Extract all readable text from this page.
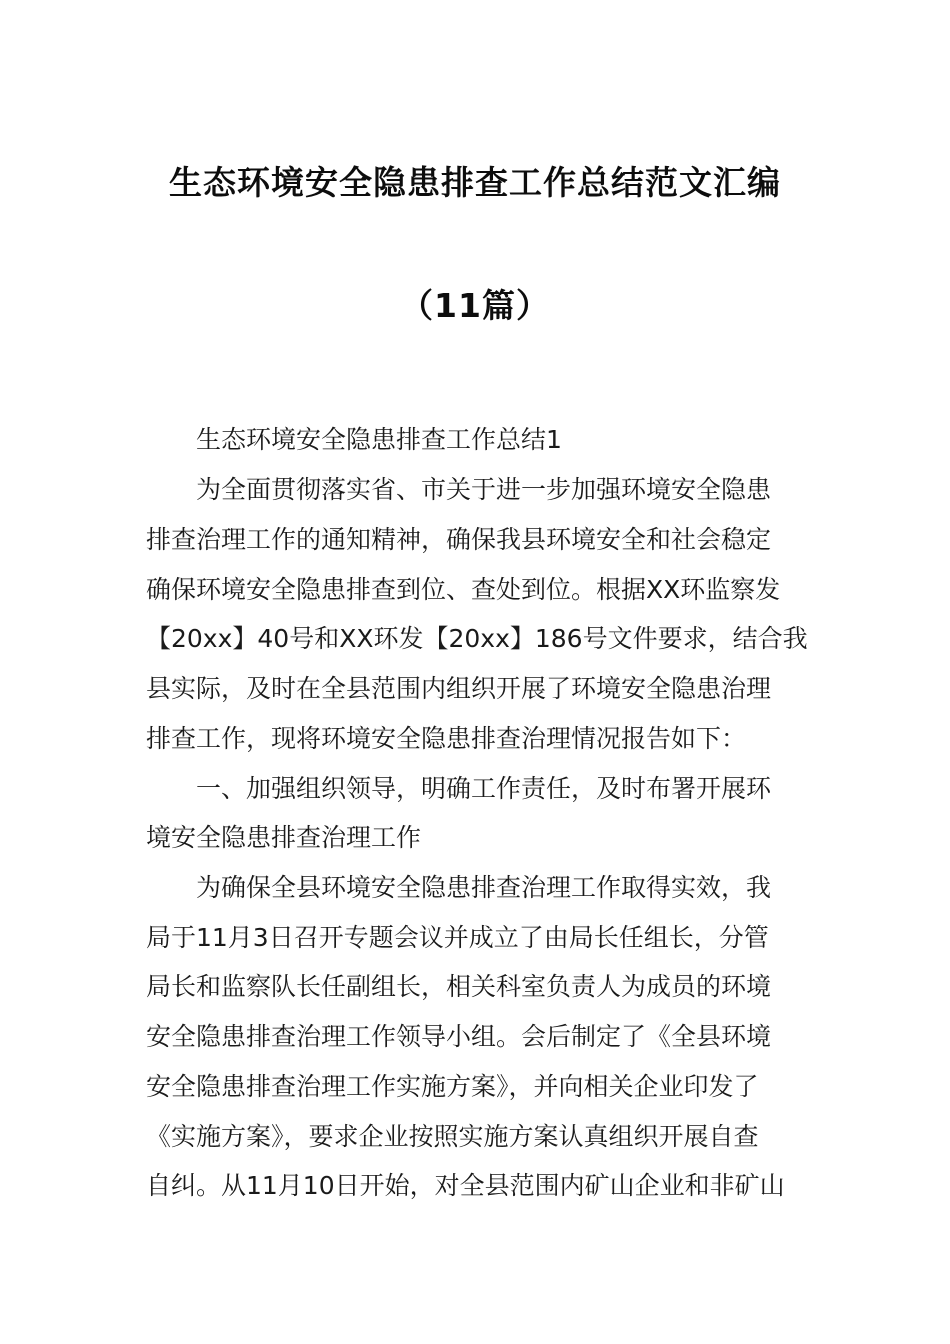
生态环境安全隐患排查工作总结范文汇编
（11篇）
生态环境安全隐患排查工作总结1
为全面贯彻落实省、市关于进一步加强环境安全隐患
排查治理工作的通知精神，确保我县环境安全和社会稳定
确保环境安全隐患排查到位、查处到位。根据XX环监察发
【20xx】40号和XX环发【20xx】186号文件要求，结合我
县实际，及时在全县范围内组织开展了环境安全隐患治理
排查工作，现将环境安全隐患排查治理情况报告如下：
一、加强组织领导，明确工作责任，及时布署开展环
境安全隐患排查治理工作
为确保全县环境安全隐患排查治理工作取得实效，我
局于11月3日召开专题会议并成立了由局长任组长，分管
局长和监察队长任副组长，相关科室负责人为成员的环境
安全隐患排查治理工作领导小组。会后制定了《全县环境
安全隐患排查治理工作实施方案》，并向相关企业印发了
《实施方案》，要求企业按照实施方案认真组织开展自查
自纠。从11月10日开始，对全县范围内矿山企业和非矿山
